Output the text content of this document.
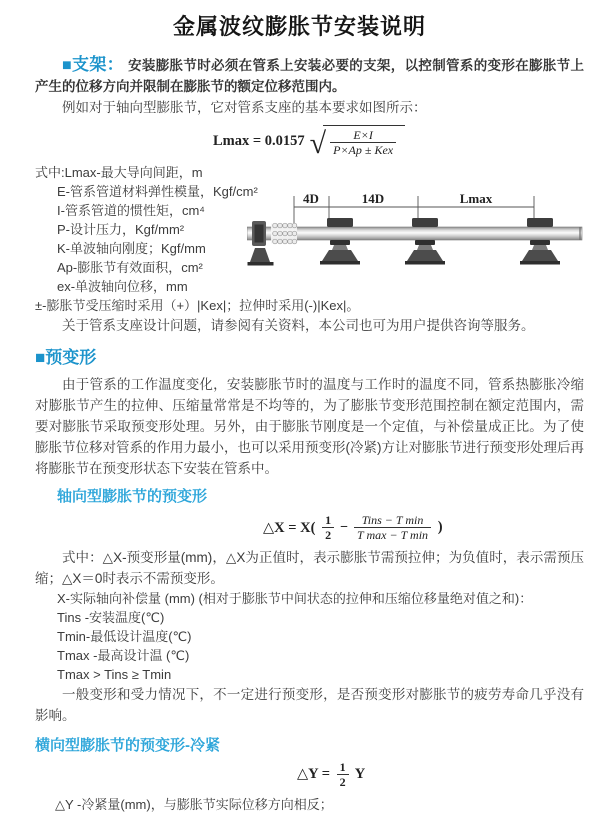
金属波纹膨胀节安装说明

■支架： 安装膨胀节时必须在管系上安装必要的支架，以控制管系的变形在膨胀节上产生的位移方向并限制在膨胀节的额定位移范围内。

例如对于轴向型膨胀节，它对管系支座的基本要求如图所示：

Lmax = 0.0157 √ $\frac{E\times I}{\text{P×Ap ± Kex}}$
式中:Lmax-最大导向间距，m
E-管系管道材料弹性模量，Kgf/cm²
I-管系管道的惯性矩，cm⁴
P-设计压力，Kgf/mm²
K-单波轴向刚度；Kgf/mm
Ap-膨胀节有效面积，cm²
ex-单波轴向位移，mm
±-膨胀节受压缩时采用（+）|Kex|；拉伸时采用(-)|Kex|。
4D	14D	Lmax

关于管系支座设计问题，请参阅有关资料，本公司也可为用户提供咨询等服务。

■预变形

由于管系的工作温度变化，安装膨胀节时的温度与工作时的温度不同，管系热膨胀冷缩对膨胀节产生的拉伸、压缩量常常是不均等的，为了膨胀节变形范围控制在额定范围内，需要对膨胀节采取预变形处理。另外，由于膨胀节刚度是一个定值，与补偿量成正比。为了使膨胀节位移对管系的作用力最小，也可以采用预变形(冷紧)方让对膨胀节进行预变形处理后再将膨胀节在预变形状态下安装在管系中。

轴向型膨胀节的预变形
△X = $X( \frac{1}{2} - \frac{\text{Tins − T min}}{\text{T max − T min}}$ )

式中：△X-预变形量(mm)，△X为正值时，表示膨胀节需预拉伸；为负值时，表示需预压缩；△X＝0时表示不需预变形。

X-实际轴向补偿量 (mm) (相对于膨胀节中间状态的拉伸和压缩位移量绝对值之和)：
Tins -安装温度(℃)
Tmin-最低设计温度(℃)
Tmax -最高设计温 (℃)
Tmax > Tins ≥ Tmin

一般变形和受力情况下，不一定进行预变形，是否预变形对膨胀节的疲劳寿命几乎没有影响。

横向型膨胀节的预变形-冷紧
△Y = $\frac{1}{2}$ Y
△Y -冷紧量(mm)，与膨胀节实际位移方向相反；
